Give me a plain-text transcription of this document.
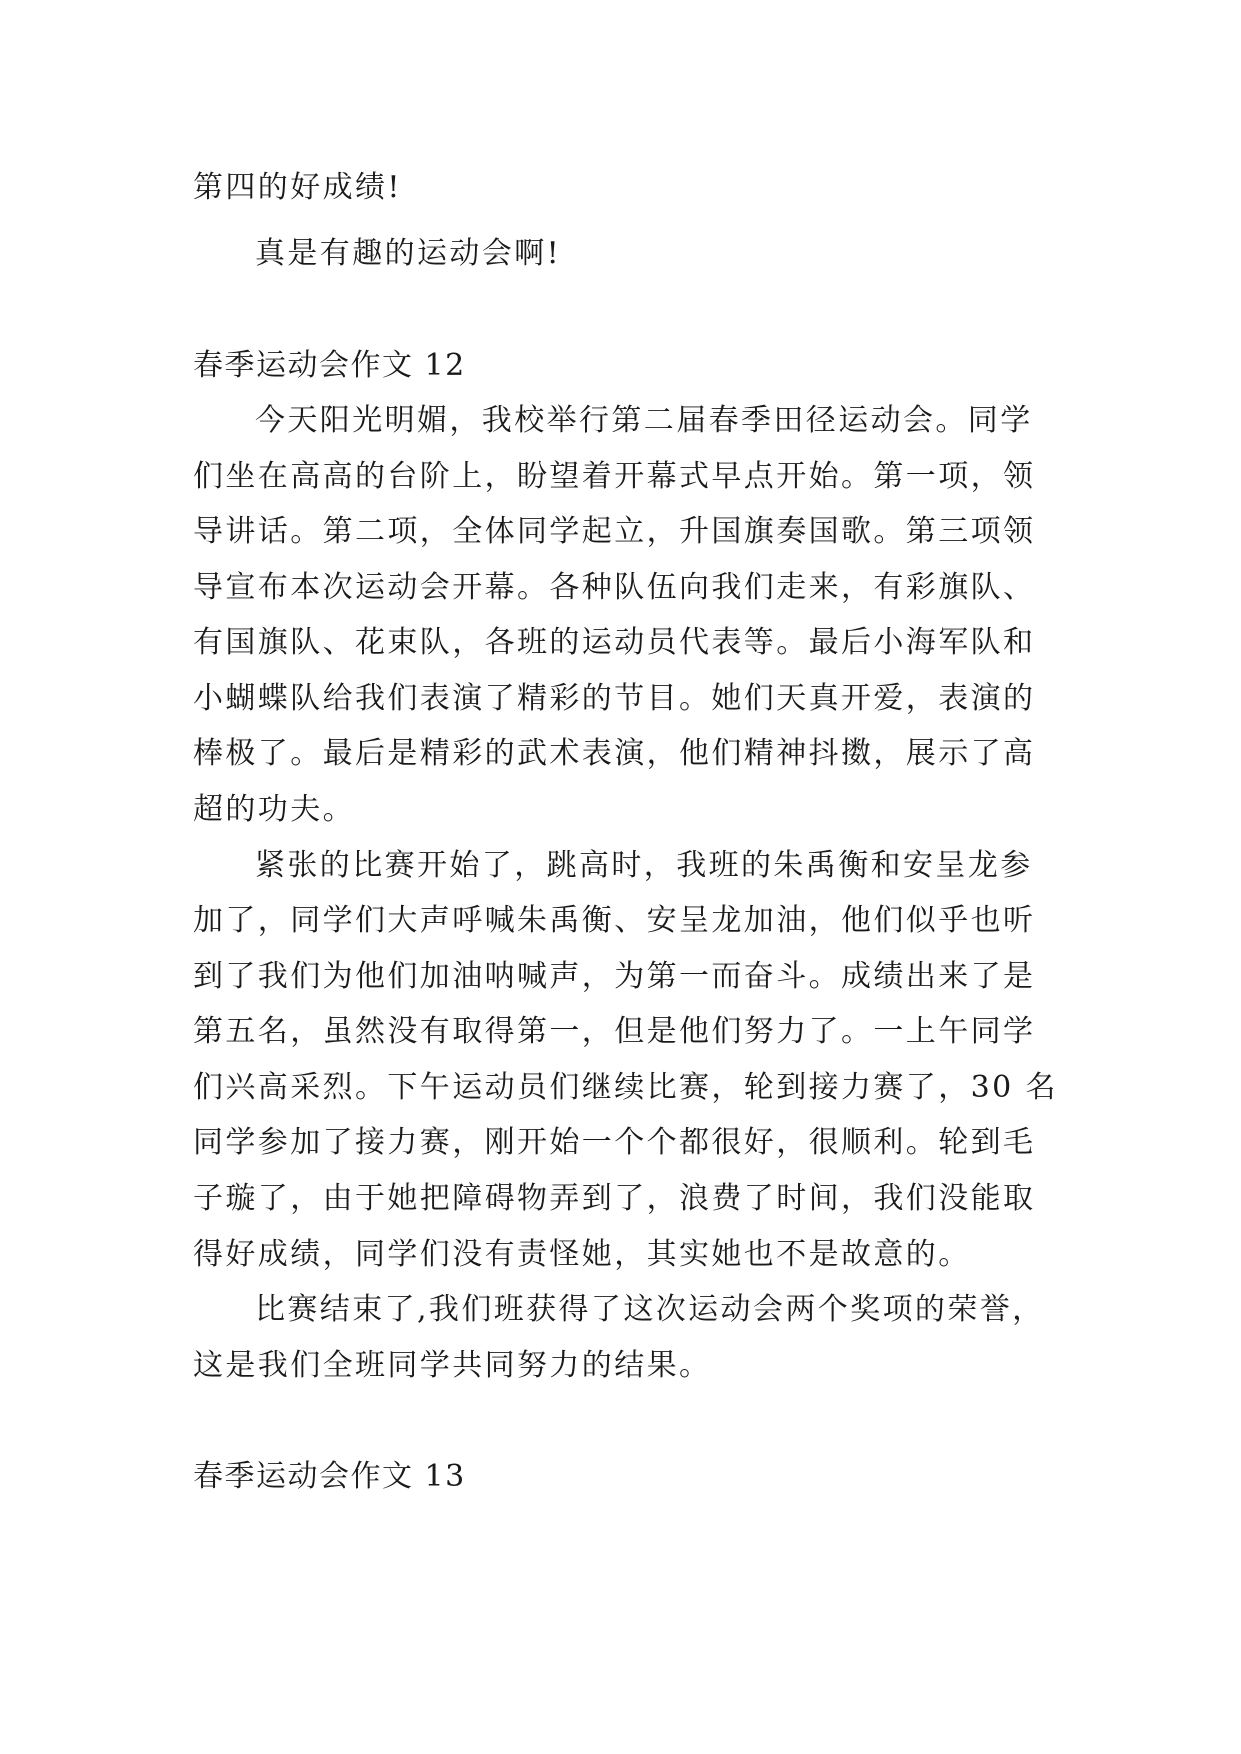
第四的好成绩!
真是有趣的运动会啊!
春季运动会作文 12
今天阳光明媚，我校举行第二届春季田径运动会。同学
们坐在高高的台阶上，盼望着开幕式早点开始。第一项，领
导讲话。第二项，全体同学起立，升国旗奏国歌。第三项领
导宣布本次运动会开幕。各种队伍向我们走来，有彩旗队、
有国旗队、花束队，各班的运动员代表等。最后小海军队和
小蝴蝶队给我们表演了精彩的节目。她们天真开爱，表演的
棒极了。最后是精彩的武术表演，他们精神抖擞，展示了高
超的功夫。
紧张的比赛开始了，跳高时，我班的朱禹衡和安呈龙参
加了，同学们大声呼喊朱禹衡、安呈龙加油，他们似乎也听
到了我们为他们加油呐喊声，为第一而奋斗。成绩出来了是
第五名，虽然没有取得第一，但是他们努力了。一上午同学
们兴高采烈。下午运动员们继续比赛，轮到接力赛了，30 名
同学参加了接力赛，刚开始一个个都很好，很顺利。轮到毛
子璇了，由于她把障碍物弄到了，浪费了时间，我们没能取
得好成绩，同学们没有责怪她，其实她也不是故意的。
比赛结束了,我们班获得了这次运动会两个奖项的荣誉，
这是我们全班同学共同努力的结果。
春季运动会作文 13
